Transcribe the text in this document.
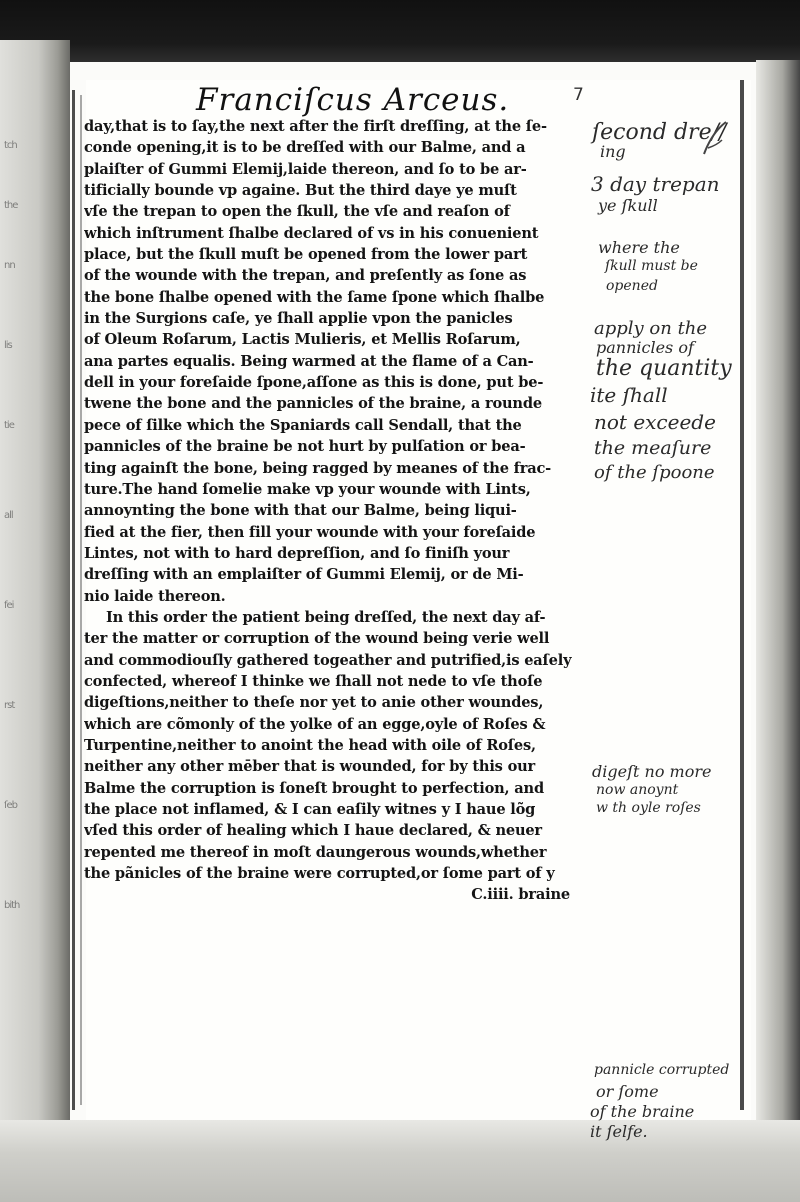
tch
the
nn
lis
tie
all
fei
rst
ſeb
bith
Franciſcus Arceus.	7
day,that is to ſay,the next after the firſt dreſſing, at the ſe-
conde opening,it is to be dreſſed with our Balme, and a
plaiſter of Gummi Elemij,laide thereon, and ſo to be ar-
tificially bounde vp againe. But the third daye ye muſt
vſe the trepan to open the ſkull, the vſe and reaſon of
which inſtrument ſhalbe declared of vs in his conuenient
place, but the ſkull muſt be opened from the lower part
of the wounde with the trepan, and preſently as ſone as
the bone ſhalbe opened with the ſame ſpone which ſhalbe
in the Surgions caſe, ye ſhall applie vpon the panicles
of Oleum Roſarum, Lactis Mulieris, et Mellis Roſarum,
ana partes equalis. Being warmed at the flame of a Can-
dell in your foreſaide ſpone,aſſone as this is done, put be-
twene the bone and the pannicles of the braine, a rounde
pece of ſilke which the Spaniards call Sendall, that the
pannicles of the braine be not hurt by pulſation or bea-
ting againſt the bone, being ragged by meanes of the frac-
ture.The hand ſomelie make vp your wounde with Lints,
annoynting the bone with that our Balme, being liqui-
fied at the fier, then fill your wounde with your foreſaide
Lintes, not with to hard depreſſion, and ſo finiſh your
dreſſing with an emplaiſter of Gummi Elemij, or de Mi-
nio laide thereon.
In this order the patient being dreſſed, the next day af-
ter the matter or corruption of the wound being verie well
and commodiouſly gathered togeather and putrified,is eaſely
confected, whereof I thinke we ſhall not nede to vſe thoſe
digeſtions,neither to theſe nor yet to anie other woundes,
which are cõmonly of the yolke of an egge,oyle of Roſes &
Turpentine,neither to anoint the head with oile of Roſes,
neither any other mēber that is wounded, for by this our
Balme the corruption is ſoneſt brought to perfection, and
the place not inflamed, & I can eaſily witnes y I haue lõg
vſed this order of healing which I haue declared, & neuer
repented me thereof in moſt daungerous wounds,whether
the pãnicles of the braine were corrupted,or ſome part of y
C.iiii. braine
ſecond dre//
ing
3 day trepan
ye ſkull
where the
ſkull must be
opened
apply on the
pannicles of
the quantity
ite ſhall
not exceede
the meaſure
of the ſpoone
digeſt no more
now anoynt
w th oyle roſes
pannicle corrupted
or ſome
of the braine
it ſelfe.
